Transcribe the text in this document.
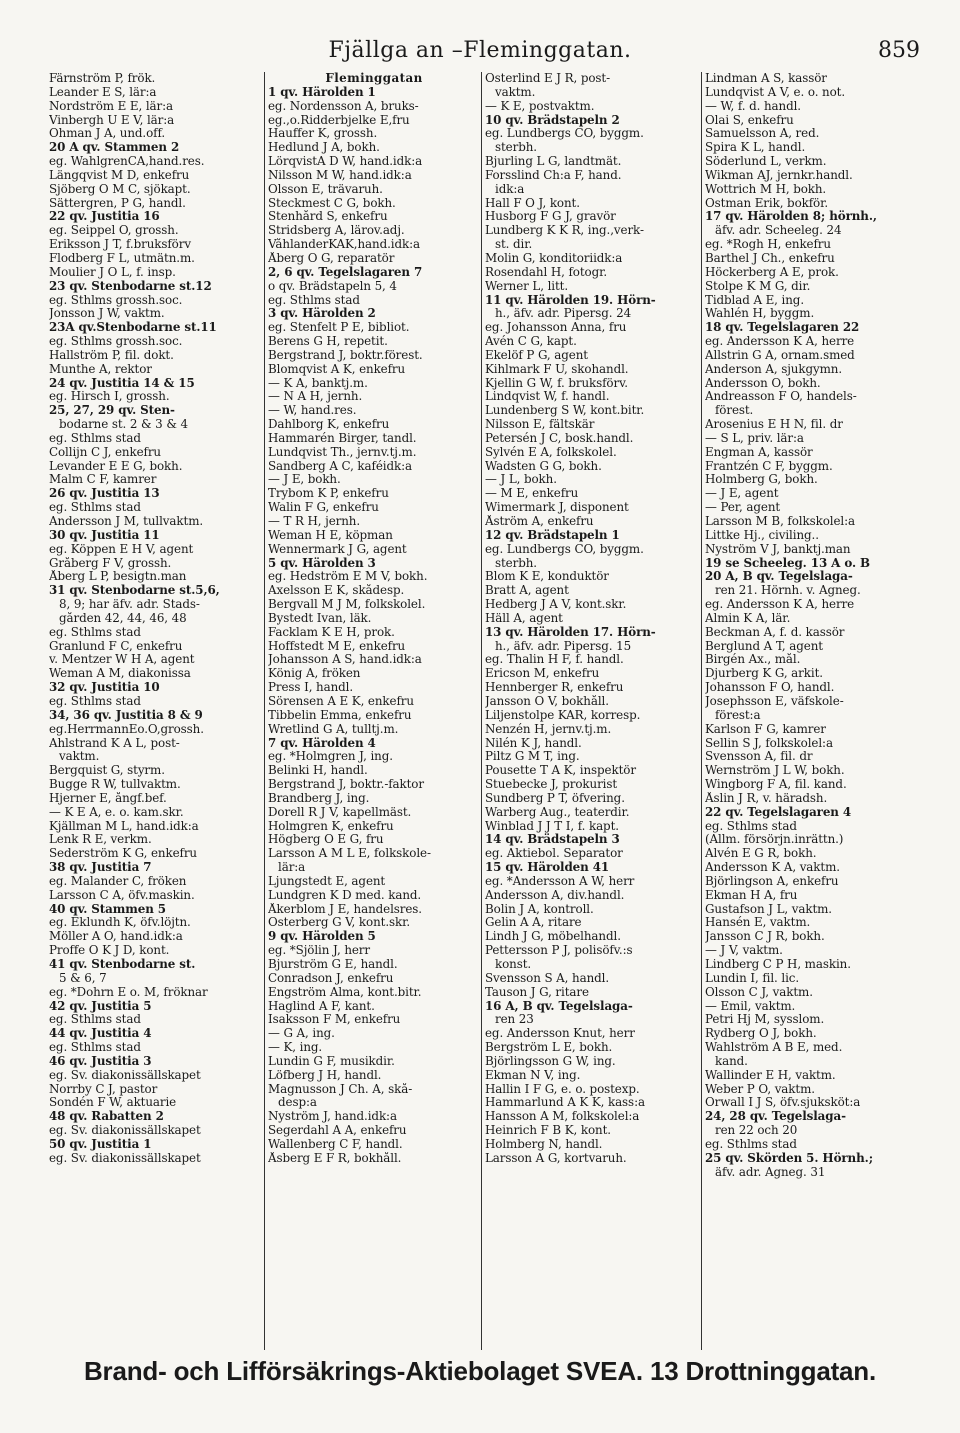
Fjällga an –Fleminggatan.	859
Färnström P, frök.
Leander E S, lär:a
Nordström E E, lär:a
Vinbergh U E V, lär:a
Öhman J A, und.off.
20 A qv. Stammen 2
eg. WahlgrenCA,hand.res.
Längqvist M D, enkefru
Sjöberg O M C, sjökapt.
Sättergren, P G, handl.
22 qv. Justitia 16
eg. Seippel O, grossh.
Eriksson J T, f.bruksförv
Flodberg F L, utmätn.m.
Moulier J O L, f. insp.
23 qv. Stenbodarne st.12
eg. Sthlms grossh.soc.
Jonsson J W, vaktm.
23A qv.Stenbodarne st.11
eg. Sthlms grossh.soc.
Hallström P, fil. dokt.
Munthe A, rektor
24 qv. Justitia 14 & 15
eg. Hirsch I, grossh.
25, 27, 29 qv. Sten-
bodarne st. 2 & 3 & 4
eg. Sthlms stad
Collijn C J, enkefru
Levander E E G, bokh.
Malm C F, kamrer
26 qv. Justitia 13
eg. Sthlms stad
Andersson J M, tullvaktm.
30 qv. Justitia 11
eg. Köppen E H V, agent
Gråberg F V, grossh.
Åberg L P, besigtn.man
31 qv. Stenbodarne st.5,6,
8, 9; har äfv. adr. Stads-
gården 42, 44, 46, 48
eg. Sthlms stad
Granlund F C, enkefru
v. Mentzer W H A, agent
Weman A M, diakonissa
32 qv. Justitia 10
eg. Sthlms stad
34, 36 qv. Justitia 8 & 9
eg.HerrmannEo.O,grossh.
Ahlstrand K A L, post-
vaktm.
Bergquist G, styrm.
Bugge R W, tullvaktm.
Hjerner E, ångf.bef.
— K E A, e. o. kam.skr.
Kjällman M L, hand.idk:a
Lenk R E, verkm.
Sederström K G, enkefru
38 qv. Justitia 7
eg. Malander C, fröken
Larsson C A, öfv.maskin.
40 qv. Stammen 5
eg. Eklundh K, öfv.löjtn.
Möller A O, hand.idk:a
Proffe O K J D, kont.
41 qv. Stenbodarne st.
5 & 6, 7
eg. *Dohrn E o. M, fröknar
42 qv. Justitia 5
eg. Sthlms stad
44 qv. Justitia 4
eg. Sthlms stad
46 qv. Justitia 3
eg. Sv. diakonissällskapet
Norrby C J, pastor
Sondén F W, aktuarie
48 qv. Rabatten 2
eg. Sv. diakonissällskapet
50 qv. Justitia 1
eg. Sv. diakonissällskapet
Fleminggatan
1 qv. Härolden 1
eg. Nordensson A, bruks-
eg.,o.Ridderbjelke E,fru
Hauffer K, grossh.
Hedlund J A, bokh.
LörqvistA D W, hand.idk:a
Nilsson M W, hand.idk:a
Olsson E, trävaruh.
Steckmest C G, bokh.
Stenhård S, enkefru
Stridsberg A, lärov.adj.
VåhlanderKAK,hand.idk:a
Åberg O G, reparatör
2, 6 qv. Tegelslagaren 7
o qv. Brädstapeln 5, 4
eg. Sthlms stad
3 qv. Härolden 2
eg. Stenfelt P E, bibliot.
Berens G H, repetit.
Bergstrand J, boktr.förest.
Blomqvist A K, enkefru
— K A, banktj.m.
— N A H, jernh.
— W, hand.res.
Dahlborg K, enkefru
Hammarén Birger, tandl.
Lundqvist Th., jernv.tj.m.
Sandberg A C, kaféidk:a
— J E, bokh.
Trybom K P, enkefru
Walin F G, enkefru
— T R H, jernh.
Weman H E, köpman
Wennermark J G, agent
5 qv. Härolden 3
eg. Hedström E M V, bokh.
Axelsson E K, skådesp.
Bergvall M J M, folkskolel.
Bystedt Ivan, läk.
Facklam K E H, prok.
Hoffstedt M E, enkefru
Johansson A S, hand.idk:a
König A, fröken
Press I, handl.
Sörensen A E K, enkefru
Tibbelin Emma, enkefru
Wretlind G A, tulltj.m.
7 qv. Härolden 4
eg. *Holmgren J, ing.
Belinki H, handl.
Bergstrand J, boktr.-faktor
Brandberg J, ing.
Dorell R J V, kapellmäst.
Holmgren K, enkefru
Högberg O E G, fru
Larsson A M L E, folkskole-
lär:a
Ljungstedt E, agent
Lundgren K D med. kand.
Åkerblom J E, handelsres.
Österberg G V, kont.skr.
9 qv. Härolden 5
eg. *Sjölin J, herr
Bjurström G E, handl.
Conradson J, enkefru
Engström Alma, kont.bitr.
Haglind A F, kant.
Isaksson F M, enkefru
— G A, ing.
— K, ing.
Lundin G F, musikdir.
Löfberg J H, handl.
Magnusson J Ch. A, skå-
desp:a
Nyström J, hand.idk:a
Segerdahl A A, enkefru
Wallenberg C F, handl.
Åsberg E F R, bokhåll.
Österlind E J R, post-
vaktm.
— K E, postvaktm.
10 qv. Brädstapeln 2
eg. Lundbergs CO, byggm.
sterbh.
Bjurling L G, landtmät.
Forsslind Ch:a F, hand.
idk:a
Hall F O J, kont.
Husborg F G J, gravör
Lundberg K K R, ing.,verk-
st. dir.
Molin G, konditoriidk:a
Rosendahl H, fotogr.
Werner L, litt.
11 qv. Härolden 19. Hörn-
h., äfv. adr. Pipersg. 24
eg. Johansson Anna, fru
Avén C G, kapt.
Ekelöf P G, agent
Kihlmark F U, skohandl.
Kjellin G W, f. bruksförv.
Lindqvist W, f. handl.
Lundenberg S W, kont.bitr.
Nilsson E, fältskär
Petersén J C, bosk.handl.
Sylvén E A, folkskolel.
Wadsten G G, bokh.
— J L, bokh.
— M E, enkefru
Wimermark J, disponent
Åström A, enkefru
12 qv. Brädstapeln 1
eg. Lundbergs CO, byggm.
sterbh.
Blom K E, konduktör
Bratt A, agent
Hedberg J A V, kont.skr.
Häll A, agent
13 qv. Härolden 17. Hörn-
h., äfv. adr. Pipersg. 15
eg. Thalin H F, f. handl.
Ericson M, enkefru
Hennberger R, enkefru
Jansson O V, bokhåll.
Liljenstolpe KAR, korresp.
Nenzén H, jernv.tj.m.
Nilén K J, handl.
Piltz G M T, ing.
Pousette T A K, inspektör
Stuebecke J, prokurist
Sundberg P T, öfvering.
Warberg Aug., teaterdir.
Winblad J J T I, f. kapt.
14 qv. Brädstapeln 3
eg. Aktiebol. Separator
15 qv. Härolden 41
eg. *Andersson A W, herr
Andersson A, div.handl.
Bolin J A, kontroll.
Gelin A A, ritare
Lindh J G, möbelhandl.
Pettersson P J, polisöfv.:s
konst.
Svensson S A, handl.
Tauson J G, ritare
16 A, B qv. Tegelslaga-
ren 23
eg. Andersson Knut, herr
Bergström L E, bokh.
Björlingsson G W, ing.
Ekman N V, ing.
Hallin I F G, e. o. postexp.
Hammarlund A K K, kass:a
Hansson A M, folkskolel:a
Heinrich F B K, kont.
Holmberg N, handl.
Larsson A G, kortvaruh.
Lindman A S, kassör
Lundqvist A V, e. o. not.
— W, f. d. handl.
Olai S, enkefru
Samuelsson A, red.
Spira K L, handl.
Söderlund L, verkm.
Wikman AJ, jernkr.handl.
Wottrich M H, bokh.
Östman Erik, bokför.
17 qv. Härolden 8; hörnh.,
äfv. adr. Scheeleg. 24
eg. *Rogh H, enkefru
Barthel J Ch., enkefru
Höckerberg A E, prok.
Stolpe K M G, dir.
Tidblad A E, ing.
Wahlén H, byggm.
18 qv. Tegelslagaren 22
eg. Andersson K A, herre
Allstrin G A, ornam.smed
Anderson A, sjukgymn.
Andersson O, bokh.
Andreasson F O, handels-
förest.
Arosenius E H N, fil. dr
— S L, priv. lär:a
Engman A, kassör
Frantzén C F, byggm.
Holmberg G, bokh.
— J E, agent
— Per, agent
Larsson M B, folkskolel:a
Littke Hj., civiling..
Nyström V J, banktj.man
19 se Scheeleg. 13 A o. B
20 A, B qv. Tegelslaga-
ren 21. Hörnh. v. Agneg.
eg. Andersson K A, herre
Almin K A, lär.
Beckman A, f. d. kassör
Berglund A T, agent
Birgén Ax., mål.
Djurberg K G, arkit.
Johansson F O, handl.
Josephsson E, väfskole-
förest:a
Karlson F G, kamrer
Sellin S J, folkskolel:a
Svensson A, fil. dr
Wernström J L W, bokh.
Wingborg F A, fil. kand.
Åslin J R, v. häradsh.
22 qv. Tegelslagaren 4
eg. Sthlms stad
(Allm. försörjn.inrättn.)
Alvén E G R, bokh.
Andersson K A, vaktm.
Björlingson A, enkefru
Ekman H A, fru
Gustafson J L, vaktm.
Hansén E, vaktm.
Jansson C J R, bokh.
— J V, vaktm.
Lindberg C P H, maskin.
Lundin I, fil. lic.
Olsson C J, vaktm.
— Emil, vaktm.
Petri Hj M, sysslom.
Rydberg O J, bokh.
Wahlström A B E, med.
kand.
Wallinder E H, vaktm.
Weber P O, vaktm.
Örwall I J S, öfv.sjuksköt:a
24, 28 qv. Tegelslaga-
ren 22 och 20
eg. Sthlms stad
25 qv. Skörden 5. Hörnh.;
äfv. adr. Agneg. 31
Brand- och Lifförsäkrings-Aktiebolaget SVEA. 13 Drottninggatan.
